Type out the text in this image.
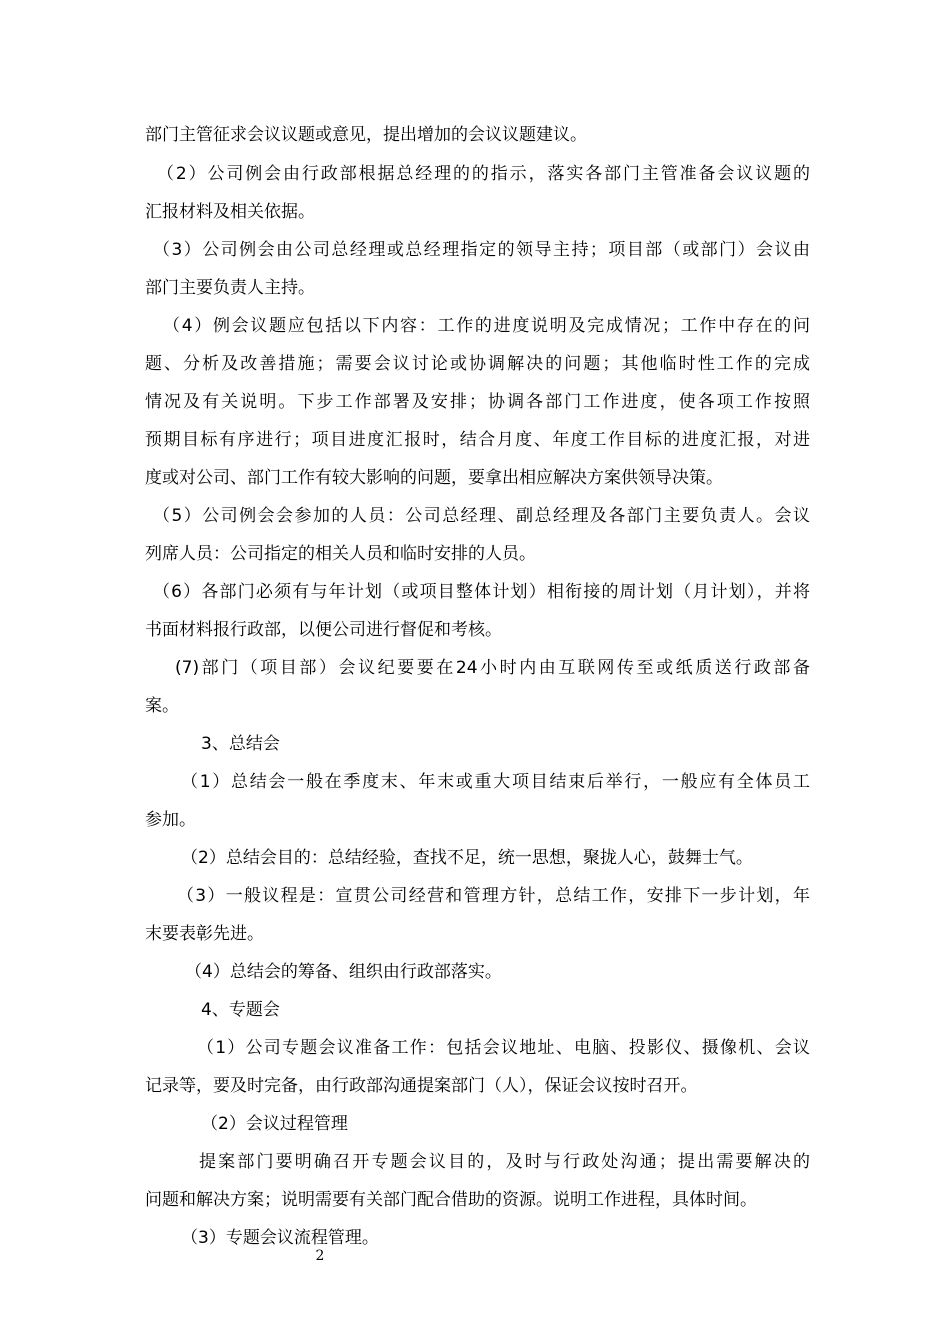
部门主管征求会议议题或意见，提出增加的会议议题建议。
（2）公司例会由行政部根据总经理的的指示，落实各部门主管准备会议议题的
汇报材料及相关依据。
（3）公司例会由公司总经理或总经理指定的领导主持；项目部（或部门）会议由
部门主要负责人主持。
（4）例会议题应包括以下内容：工作的进度说明及完成情况；工作中存在的问
题、分析及改善措施；需要会议讨论或协调解决的问题；其他临时性工作的完成
情况及有关说明。下步工作部署及安排；协调各部门工作进度，使各项工作按照
预期目标有序进行；项目进度汇报时，结合月度、年度工作目标的进度汇报，对进
度或对公司、部门工作有较大影响的问题，要拿出相应解决方案供领导决策。
（5）公司例会会参加的人员：公司总经理、副总经理及各部门主要负责人。会议
列席人员：公司指定的相关人员和临时安排的人员。
（6）各部门必须有与年计划（或项目整体计划）相衔接的周计划（月计划），并将
书面材料报行政部，以便公司进行督促和考核。
(7)部门（项目部）会议纪要要在24小时内由互联网传至或纸质送行政部备
案。
3、总结会
（1）总结会一般在季度末、年末或重大项目结束后举行，一般应有全体员工
参加。
（2）总结会目的：总结经验，查找不足，统一思想，聚拢人心，鼓舞士气。
（3）一般议程是：宣贯公司经营和管理方针，总结工作，安排下一步计划，年
末要表彰先进。
（4）总结会的筹备、组织由行政部落实。
4、专题会
（1）公司专题会议准备工作：包括会议地址、电脑、投影仪、摄像机、会议
记录等，要及时完备，由行政部沟通提案部门（人），保证会议按时召开。
（2）会议过程管理
提案部门要明确召开专题会议目的，及时与行政处沟通；提出需要解决的
问题和解决方案；说明需要有关部门配合借助的资源。说明工作进程，具体时间。
（3）专题会议流程管理。
2
